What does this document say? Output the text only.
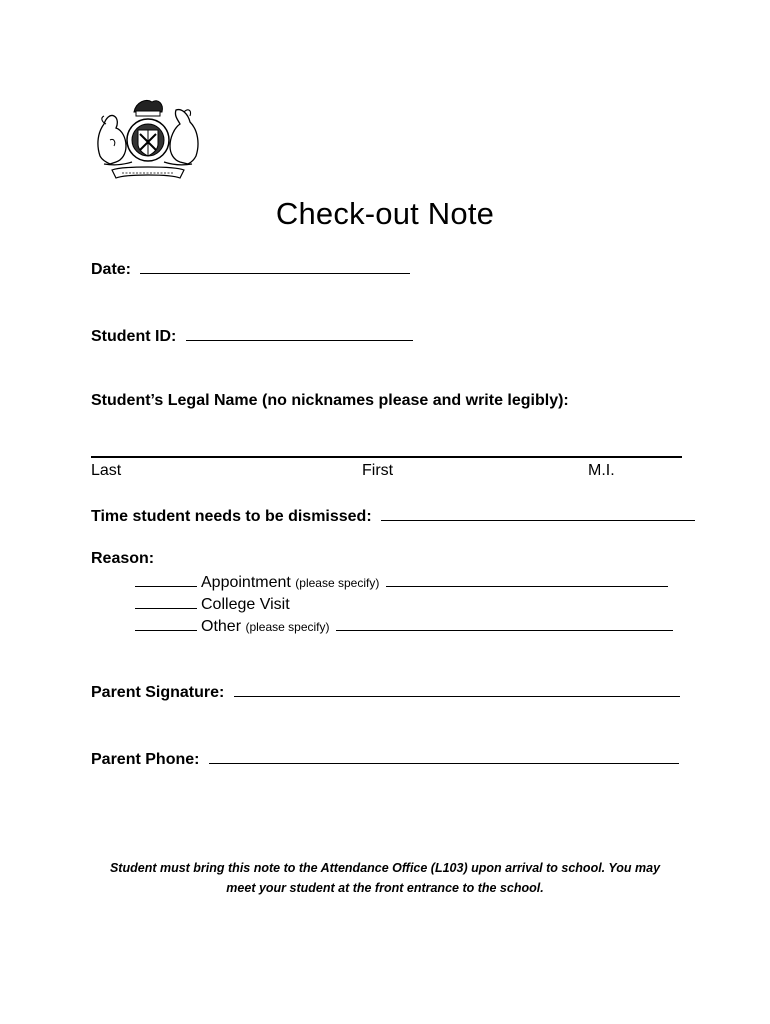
Check-out Note
Date:
Student ID:
Student’s Legal Name (no nicknames please and write legibly):
Last	First	M.I.
Time student needs to be dismissed:
Reason:
Appointment (please specify)
College Visit
Other (please specify)
Parent Signature:
Parent Phone:
Student must bring this note to the Attendance Office (L103) upon arrival to school. You may
meet your student at the front entrance to the school.
